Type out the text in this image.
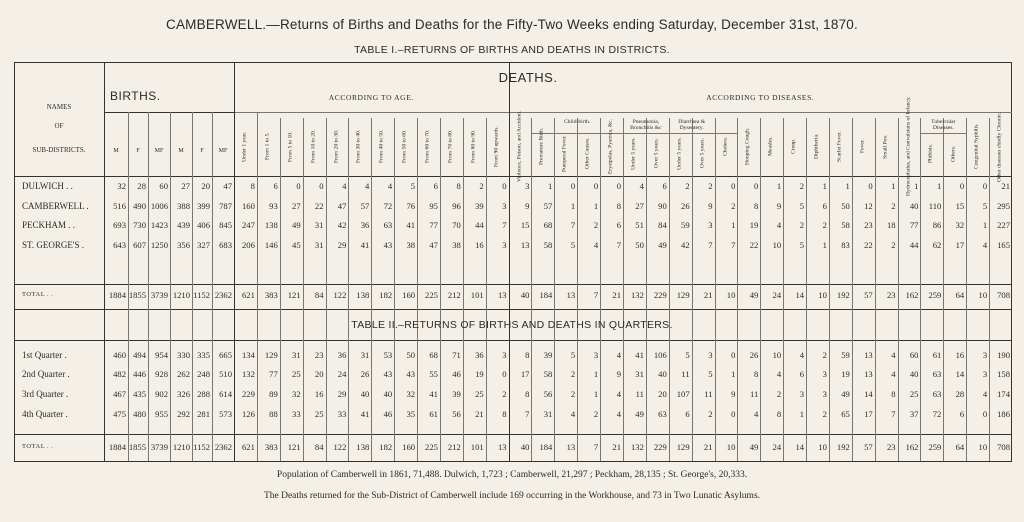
CAMBERWELL.—Returns of Births and Deaths for the Fifty-Two Weeks ending Saturday, December 31st, 1870.
TABLE I.–RETURNS OF BIRTHS AND DEATHS IN DISTRICTS.
NAMES
OF
SUB-DISTRICTS.
BIRTHS.
DEATHS.
ACCORDING TO AGE.	ACCORDING TO DISEASES.
Child-birth.	Pneumonia, Bronchitis &c
Diarrhœa & Dysentery.
Tubercular Diseases.
M	F	MF	M	F	MF	Under 1 year.	From 1 to 5.	From 5 to 10.	From 10 to 20.	From 20 to 30.	From 30 to 40.	From 40 to 50.	From 50 to 60.	From 60 to 70.	From 70 to 80.	From 80 to 90.	From 90 upwards.	Violence, Poison, and Accident.	Premature Birth.	Puerperal Fever.	Other Causes.	Erysipelas, Pyæmia, &c.	Under 5 years.	Over 5 years.	Under 5 years.	Over 5 years.	Cholera.	Hooping Cough.	Measles.	Croup.	Diphtheria.	Scarlet Fever.	Fever.	Small Pox.	Hydrocephalus, and Convulsions of Infancy.	Phthisis.	Others.	Congenital Syphilis.	Other diseases chiefly Chronic.
DULWICH . .	32	28	60	27	20	47	8	6	0	0	4	4	4	5	6	8	2	0	3	1	0	0	0	4	6	2	2	0	0	1	2	1	1	0	1	1	1	0	0	21
CAMBERWELL .	516 490 1006	388 399	787	160	93	27	22	47	57	72	76	95	96	39	3	9	57	1	1	8	27	90	26	9	2	8	9	5	6	50	12	2	40	110	15	5	295
PECKHAM . .	693 730 1423	439 406	845	247	138	49	31	42	36	63	41	77	70	44	7	15	68	7	2	6	51	84	59	3	1	19	4	2	2	58	23	18	77	86	32	1	227
ST. GEORGE'S .	643 607 1250	356 327	683	206	146	45	31	29	41	43	38	47	38	16	3	13	58	5	4	7	50	49	42	7	7	22	10	5	1	83	22	2	44	62	17	4	165
TOTAL . .	1884 1855 3739 1210 1152 2362	621	383	121	84	122	138	182	160	225	212	101	13	40	184	13	7	21	132	229	129	21	10	49	24	14	10	192	57	23	162	259	64	10	708
1st Quarter .	460 494	954	330 335	665	134	129	31	23	36	31	53	50	68	71	36	3	8	39	5	3	4	41	106	5	3	0	26	10	4	2	59	13	4	60	61	16	3	190
2nd Quarter .	482 446	928	262 248	510	132	77	25	20	24	26	43	43	55	46	19	0	17	58	2	1	9	31	40	11	5	1	8	4	6	3	19	13	4	40	63	14	3	158
3rd Quarter .	467 435	902	326 288	614	229	89	32	16	29	40	40	32	41	39	25	2	8	56	2	1	4	11	20	107	11	9	11	2	3	3	49	14	8	25	63	28	4	174
4th Quarter .	475 480	955	292 281	573	126	88	33	25	33	41	46	35	61	56	21	8	7	31	4	2	4	49	63	6	2	0	4	8	1	2	65	17	7	37	72	6	0	186
TOTAL . .	1884 1855 3739 1210 1152 2362	621	383	121	84	122	138	182	160	225	212	101	13	40	184	13	7	21	132	229	129	21	10	49	24	14	10	192	57	23	162	259	64	10	708
TABLE II.–RETURNS OF BIRTHS AND DEATHS IN QUARTERS.
Population of Camberwell in 1861, 71,488. Dulwich, 1,723 ; Camberwell, 21,297 ; Peckham, 28,135 ; St. George's, 20,333.
The Deaths returned for the Sub-District of Camberwell include 169 occurring in the Workhouse, and 73 in Two Lunatic Asylums.
